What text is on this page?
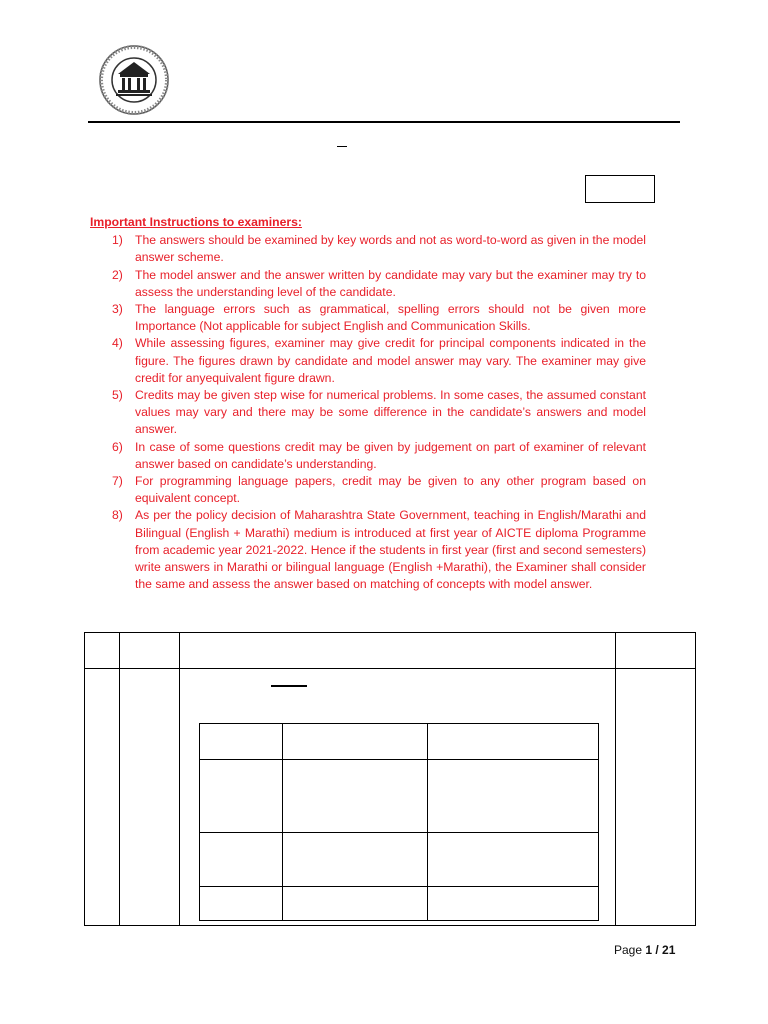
Important Instructions to examiners:
1) The answers should be examined by key words and not as word-to-word as given in the model answer scheme.
2) The model answer and the answer written by candidate may vary but the examiner may try to assess the understanding level of the candidate.
3) The language errors such as grammatical, spelling errors should not be given more Importance (Not applicable for subject English and Communication Skills.
4) While assessing figures, examiner may give credit for principal components indicated in the figure. The figures drawn by candidate and model answer may vary. The examiner may give credit for anyequivalent figure drawn.
5) Credits may be given step wise for numerical problems. In some cases, the assumed constant values may vary and there may be some difference in the candidate’s answers and model answer.
6) In case of some questions credit may be given by judgement on part of examiner of relevant answer based on candidate’s understanding.
7) For programming language papers, credit may be given to any other program based on equivalent concept.
8) As per the policy decision of Maharashtra State Government, teaching in English/Marathi and Bilingual (English + Marathi) medium is introduced at first year of AICTE diploma Programme from academic year 2021-2022. Hence if the students in first year (first and second semesters) write answers in Marathi or bilingual language (English +Marathi), the Examiner shall consider the same and assess the answer based on matching of concepts with model answer.
Page 1 / 21
